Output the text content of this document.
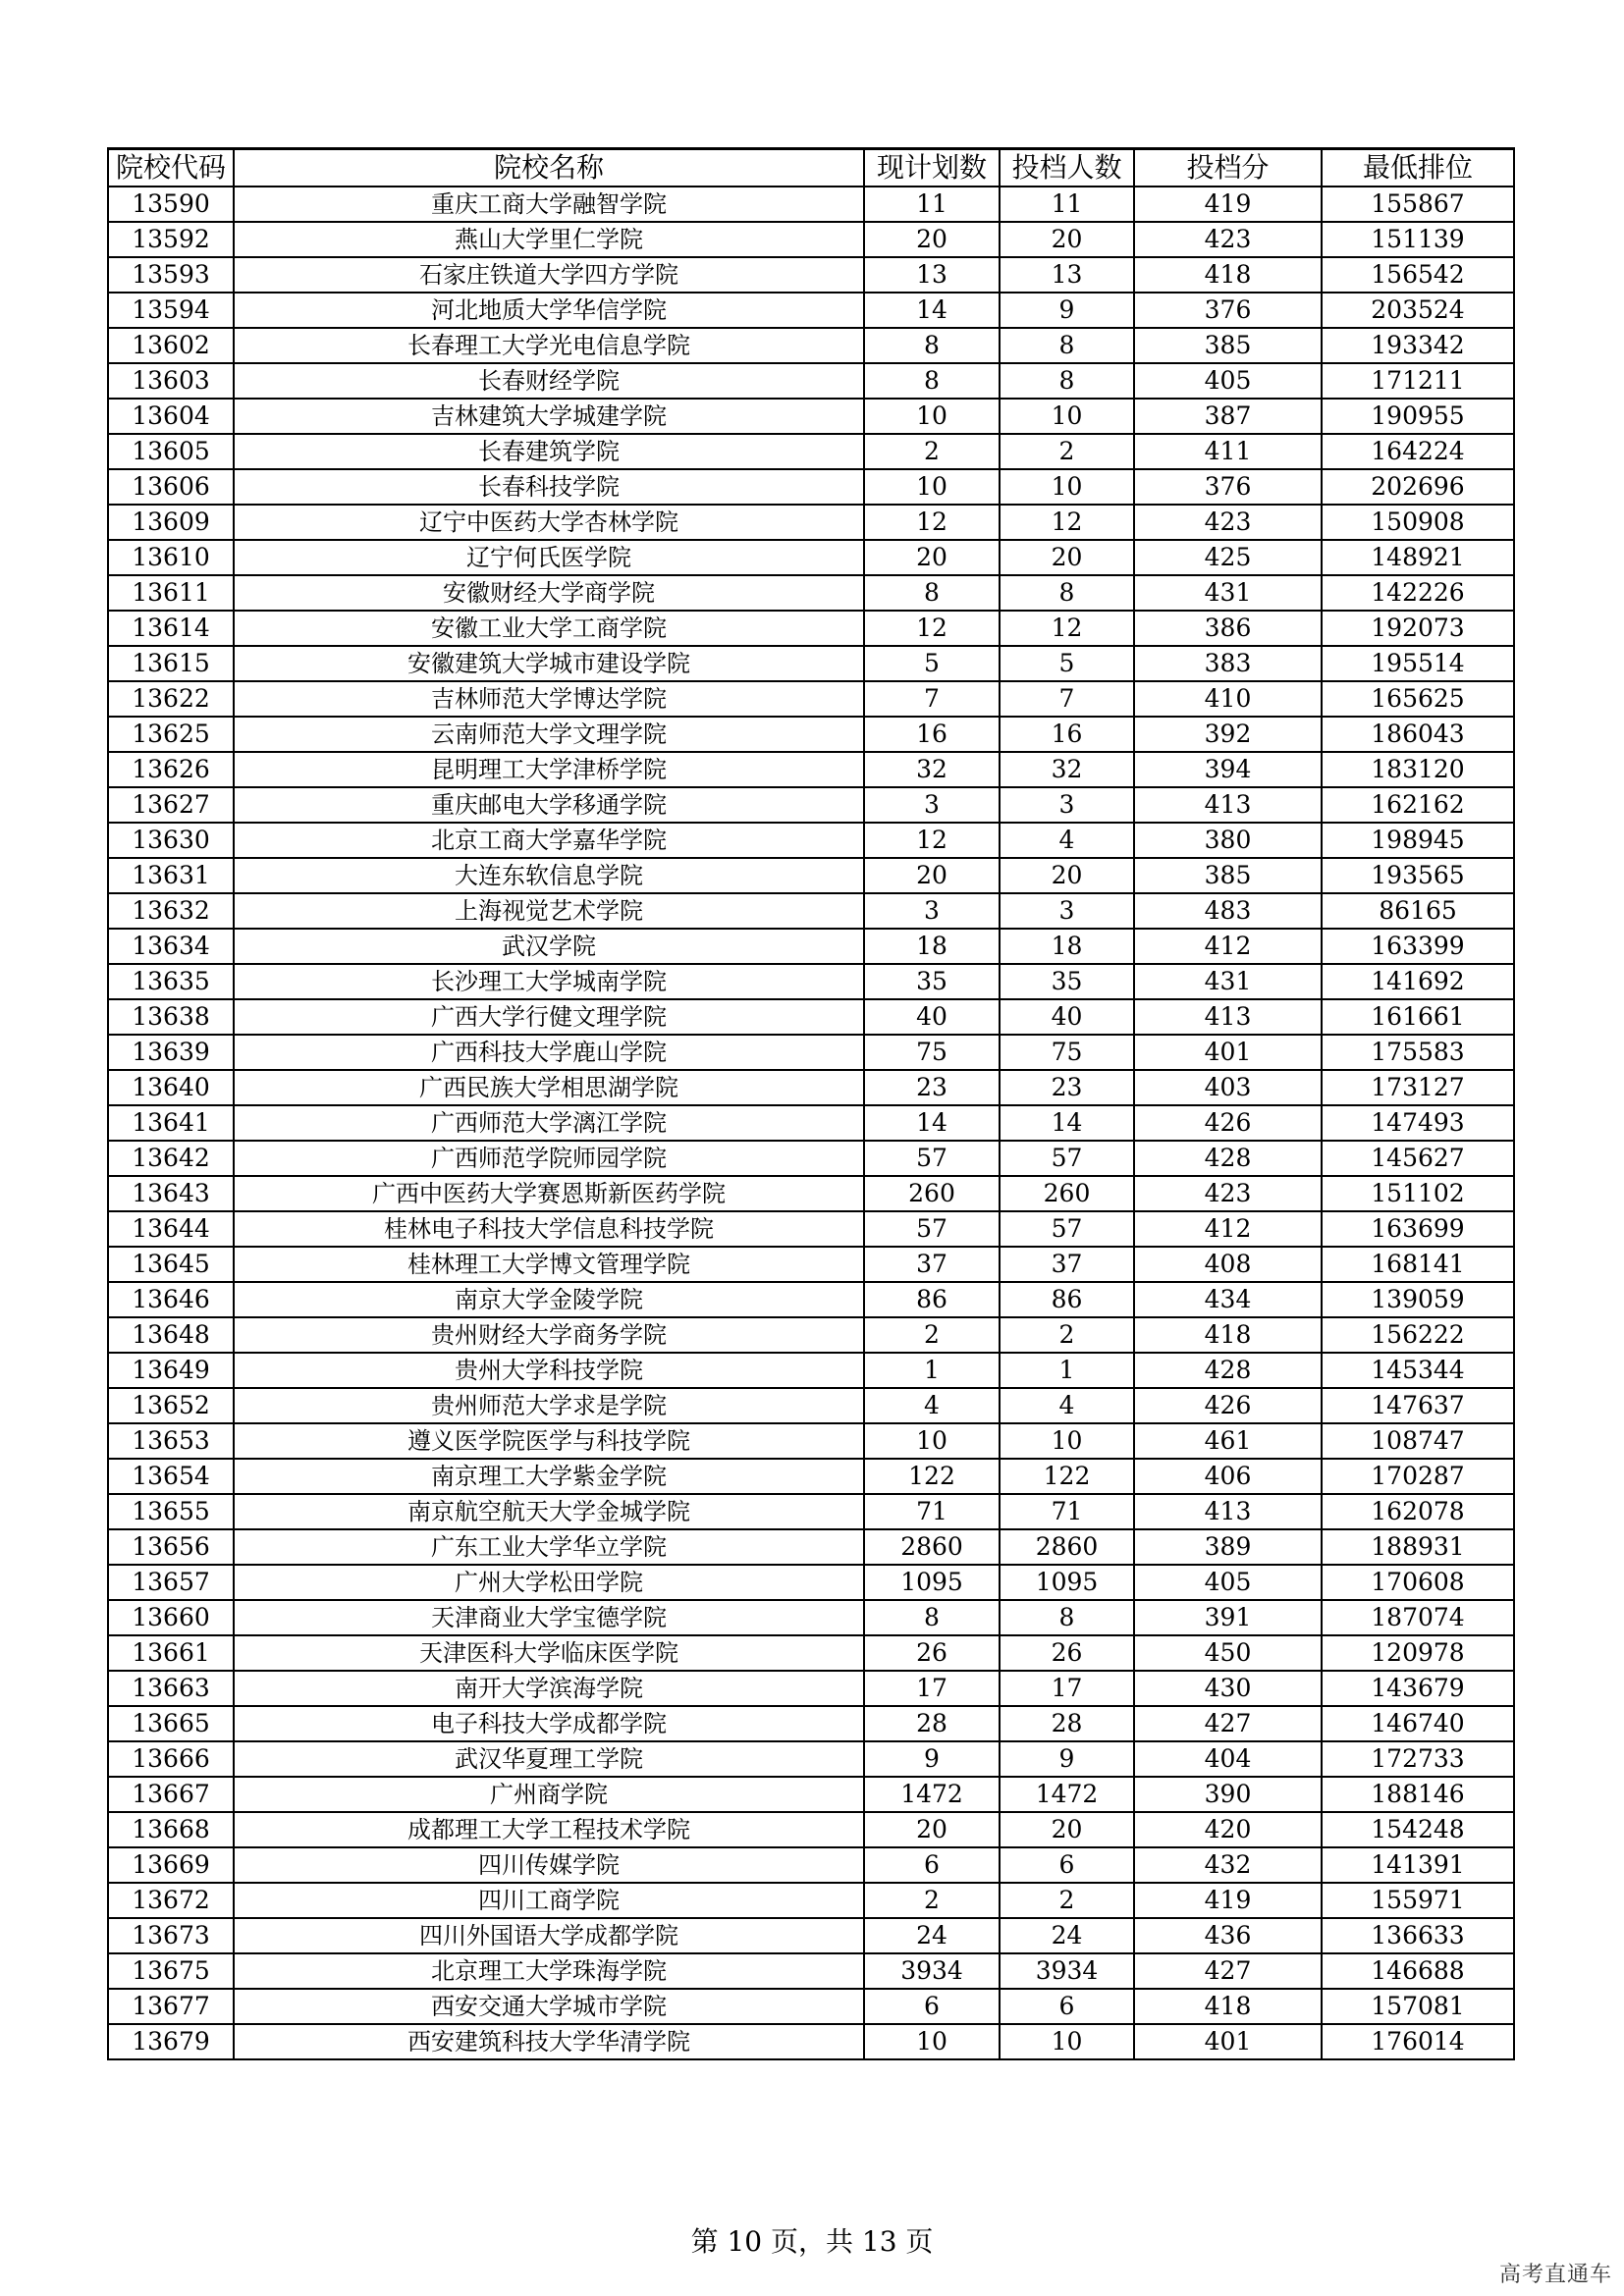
院校代码	院校名称	现计划数	投档人数	投档分	最低排位
13590	重庆工商大学融智学院	11	11	419	155867
13592	燕山大学里仁学院	20	20	423	151139
13593	石家庄铁道大学四方学院	13	13	418	156542
13594	河北地质大学华信学院	14	9	376	203524
13602	长春理工大学光电信息学院	8	8	385	193342
13603	长春财经学院	8	8	405	171211
13604	吉林建筑大学城建学院	10	10	387	190955
13605	长春建筑学院	2	2	411	164224
13606	长春科技学院	10	10	376	202696
13609	辽宁中医药大学杏林学院	12	12	423	150908
13610	辽宁何氏医学院	20	20	425	148921
13611	安徽财经大学商学院	8	8	431	142226
13614	安徽工业大学工商学院	12	12	386	192073
13615	安徽建筑大学城市建设学院	5	5	383	195514
13622	吉林师范大学博达学院	7	7	410	165625
13625	云南师范大学文理学院	16	16	392	186043
13626	昆明理工大学津桥学院	32	32	394	183120
13627	重庆邮电大学移通学院	3	3	413	162162
13630	北京工商大学嘉华学院	12	4	380	198945
13631	大连东软信息学院	20	20	385	193565
13632	上海视觉艺术学院	3	3	483	86165
13634	武汉学院	18	18	412	163399
13635	长沙理工大学城南学院	35	35	431	141692
13638	广西大学行健文理学院	40	40	413	161661
13639	广西科技大学鹿山学院	75	75	401	175583
13640	广西民族大学相思湖学院	23	23	403	173127
13641	广西师范大学漓江学院	14	14	426	147493
13642	广西师范学院师园学院	57	57	428	145627
13643	广西中医药大学赛恩斯新医药学院	260	260	423	151102
13644	桂林电子科技大学信息科技学院	57	57	412	163699
13645	桂林理工大学博文管理学院	37	37	408	168141
13646	南京大学金陵学院	86	86	434	139059
13648	贵州财经大学商务学院	2	2	418	156222
13649	贵州大学科技学院	1	1	428	145344
13652	贵州师范大学求是学院	4	4	426	147637
13653	遵义医学院医学与科技学院	10	10	461	108747
13654	南京理工大学紫金学院	122	122	406	170287
13655	南京航空航天大学金城学院	71	71	413	162078
13656	广东工业大学华立学院	2860	2860	389	188931
13657	广州大学松田学院	1095	1095	405	170608
13660	天津商业大学宝德学院	8	8	391	187074
13661	天津医科大学临床医学院	26	26	450	120978
13663	南开大学滨海学院	17	17	430	143679
13665	电子科技大学成都学院	28	28	427	146740
13666	武汉华夏理工学院	9	9	404	172733
13667	广州商学院	1472	1472	390	188146
13668	成都理工大学工程技术学院	20	20	420	154248
13669	四川传媒学院	6	6	432	141391
13672	四川工商学院	2	2	419	155971
13673	四川外国语大学成都学院	24	24	436	136633
13675	北京理工大学珠海学院	3934	3934	427	146688
13677	西安交通大学城市学院	6	6	418	157081
13679	西安建筑科技大学华清学院	10	10	401	176014
第 10 页，共 13 页
高考直通车
